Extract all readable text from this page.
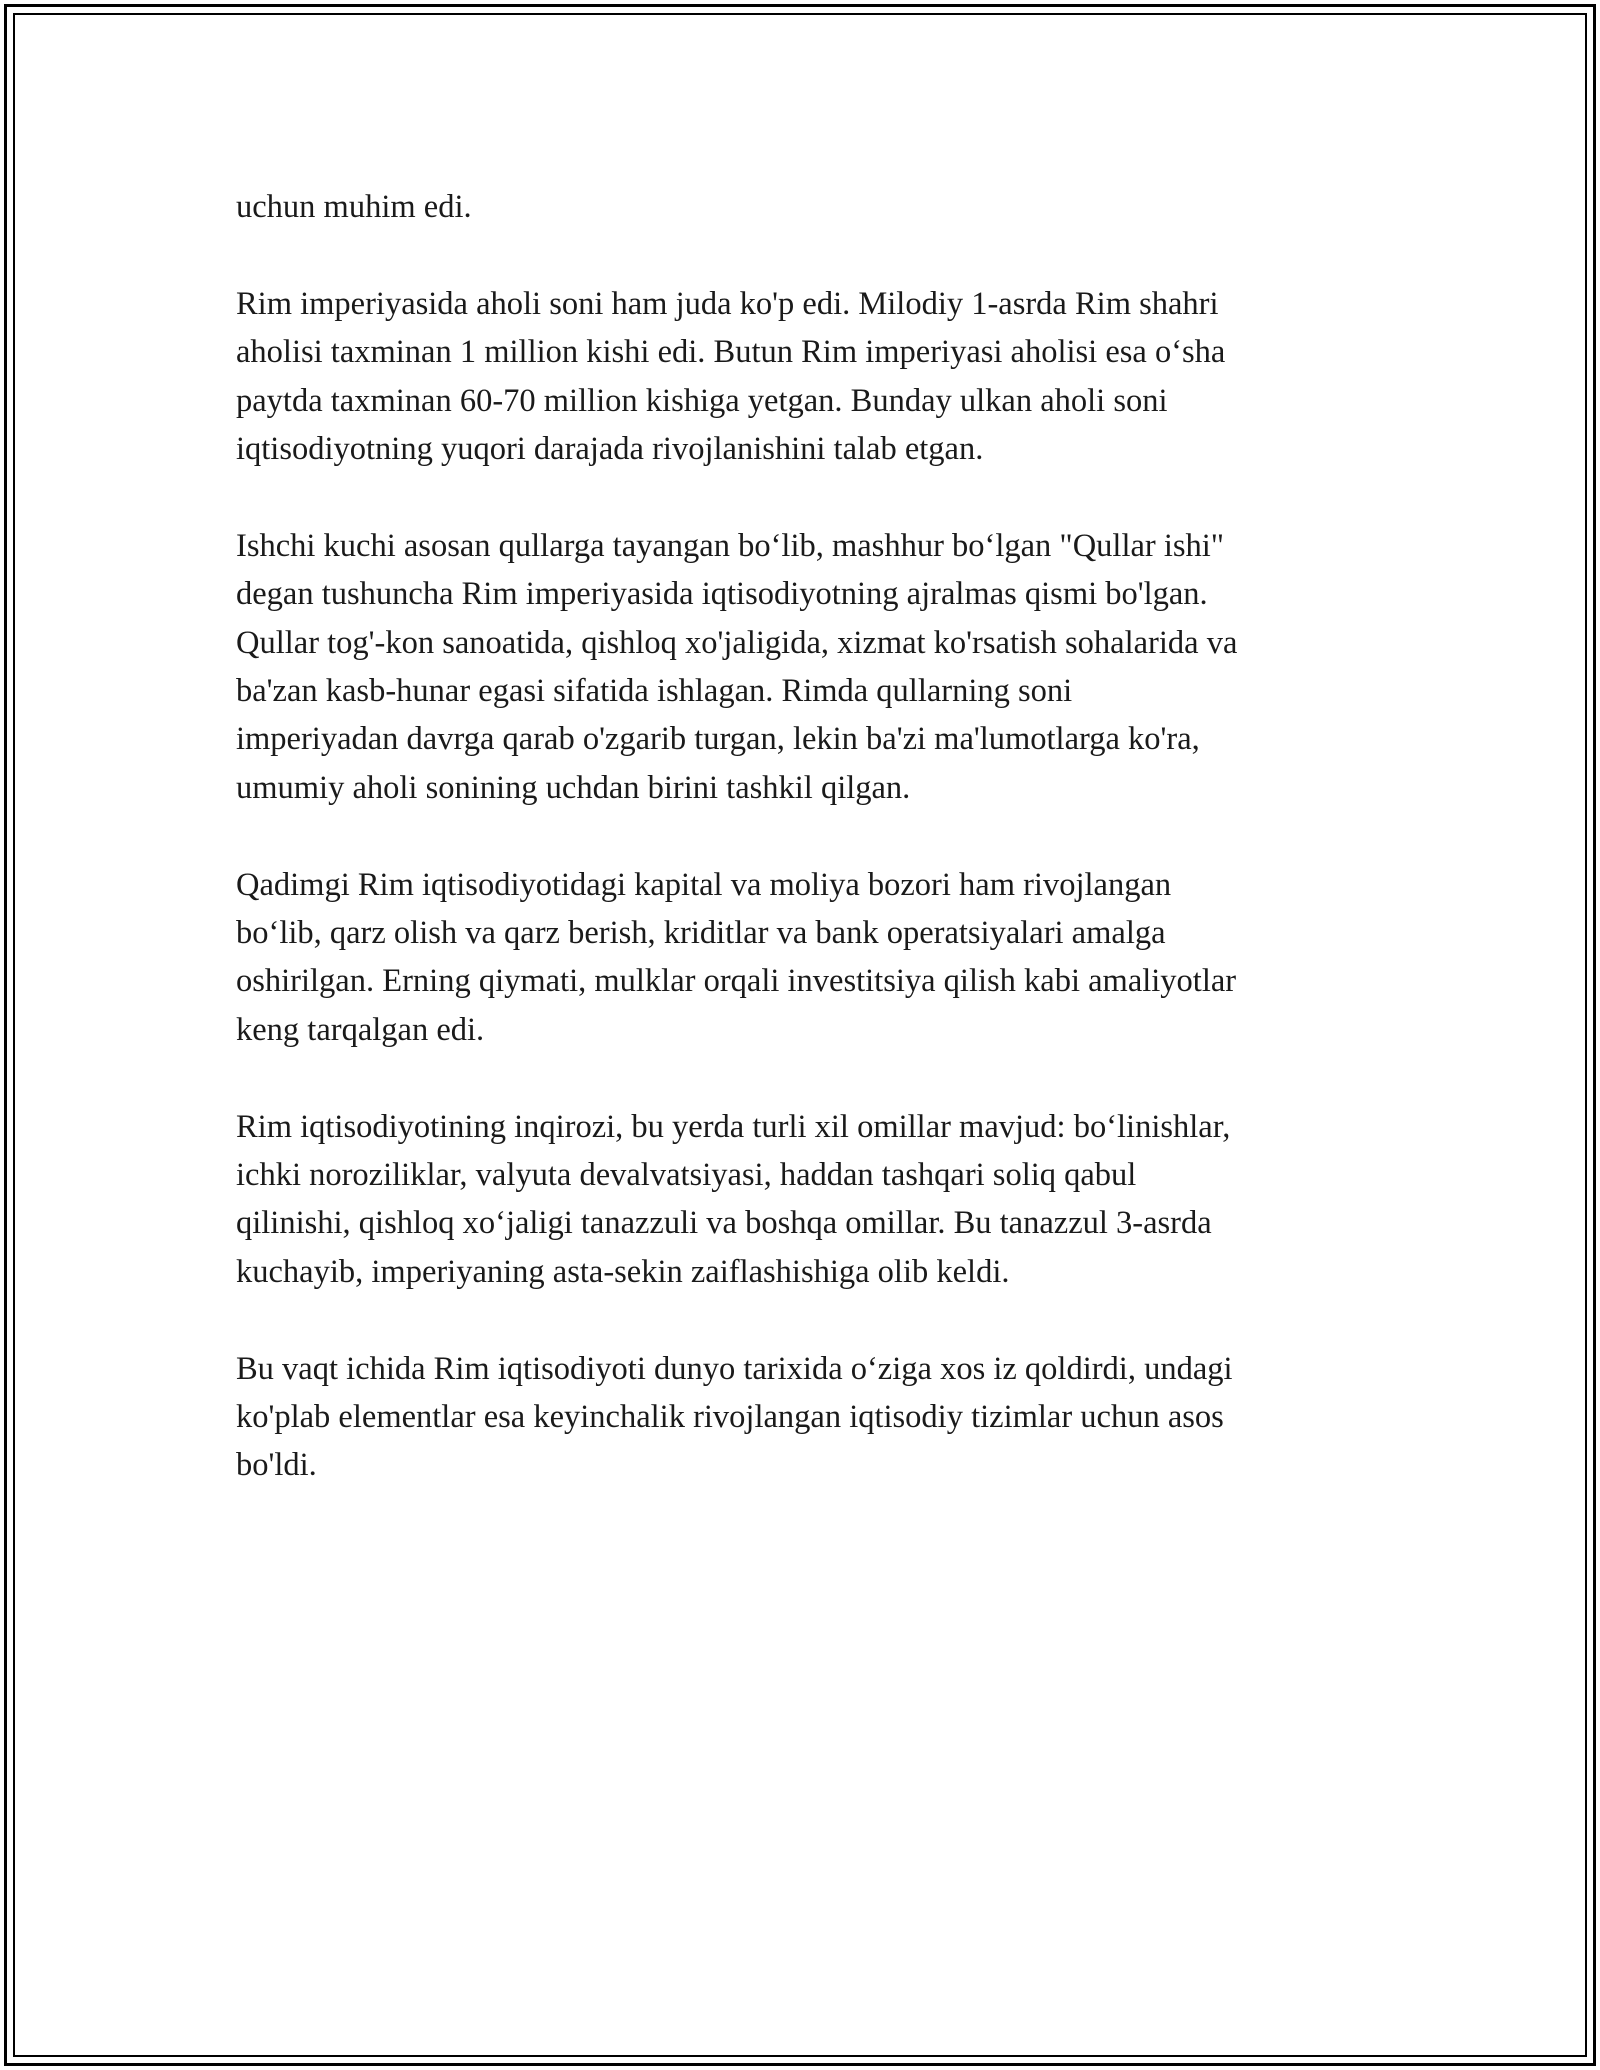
uchun muhim edi.

Rim imperiyasida aholi soni ham juda ko'p edi. Milodiy 1-asrda Rim shahri
aholisi taxminan 1 million kishi edi. Butun Rim imperiyasi aholisi esa o‘sha
paytda taxminan 60-70 million kishiga yetgan. Bunday ulkan aholi soni
iqtisodiyotning yuqori darajada rivojlanishini talab etgan.

Ishchi kuchi asosan qullarga tayangan bo‘lib, mashhur bo‘lgan "Qullar ishi"
degan tushuncha Rim imperiyasida iqtisodiyotning ajralmas qismi bo'lgan.
Qullar tog'-kon sanoatida, qishloq xo'jaligida, xizmat ko'rsatish sohalarida va
ba'zan kasb-hunar egasi sifatida ishlagan. Rimda qullarning soni
imperiyadan davrga qarab o'zgarib turgan, lekin ba'zi ma'lumotlarga ko'ra,
umumiy aholi sonining uchdan birini tashkil qilgan.

Qadimgi Rim iqtisodiyotidagi kapital va moliya bozori ham rivojlangan
bo‘lib, qarz olish va qarz berish, kriditlar va bank operatsiyalari amalga
oshirilgan. Erning qiymati, mulklar orqali investitsiya qilish kabi amaliyotlar
keng tarqalgan edi.

Rim iqtisodiyotining inqirozi, bu yerda turli xil omillar mavjud: bo‘linishlar,
ichki noroziliklar, valyuta devalvatsiyasi, haddan tashqari soliq qabul
qilinishi, qishloq xo‘jaligi tanazzuli va boshqa omillar. Bu tanazzul 3-asrda
kuchayib, imperiyaning asta-sekin zaiflashishiga olib keldi.

Bu vaqt ichida Rim iqtisodiyoti dunyo tarixida o‘ziga xos iz qoldirdi, undagi
ko'plab elementlar esa keyinchalik rivojlangan iqtisodiy tizimlar uchun asos
bo'ldi.
